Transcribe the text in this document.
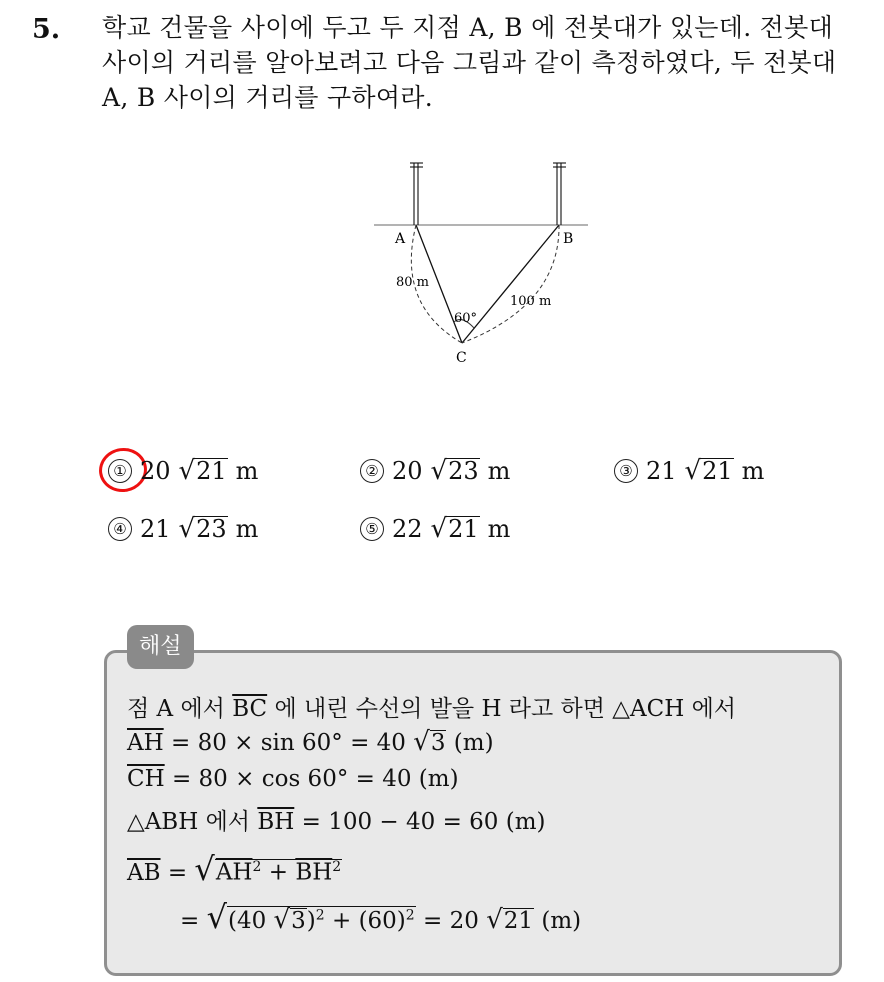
5. 학교 건물을 사이에 두고 두 지점 A, B 에 전봇대가 있는데. 전봇대
사이의 거리를 알아보려고 다음 그림과 같이 측정하였다, 두 전봇대
A, B 사이의 거리를 구하여라.
A	B
C
80 m
100 m
60°
① 20 √ 21 m	② 20 √ 23 m	③ 21 √ 21 m
④ 21 √ 23 m	⑤ 22 √ 21 m
해설
점 A 에서 $\overline{BC}$ 에 내린 수선의 발을 H 라고 하면 △ACH 에서
$\overline{AH} = 80 \times \sin 60^\circ = 40$ √ 3 (m)
$\overline{CH} = 80 \times \cos 60^\circ = 40$ (m)
△ABH 에서 $\overline{BH} = 100 - 40 = 60$ (m)
$\overline{AB}$ = √ $AH^2 + \overline{BH}^2$
= √ (40 √ 3 )$^2 + (60)^2 = 20$ √ 21 (m)
